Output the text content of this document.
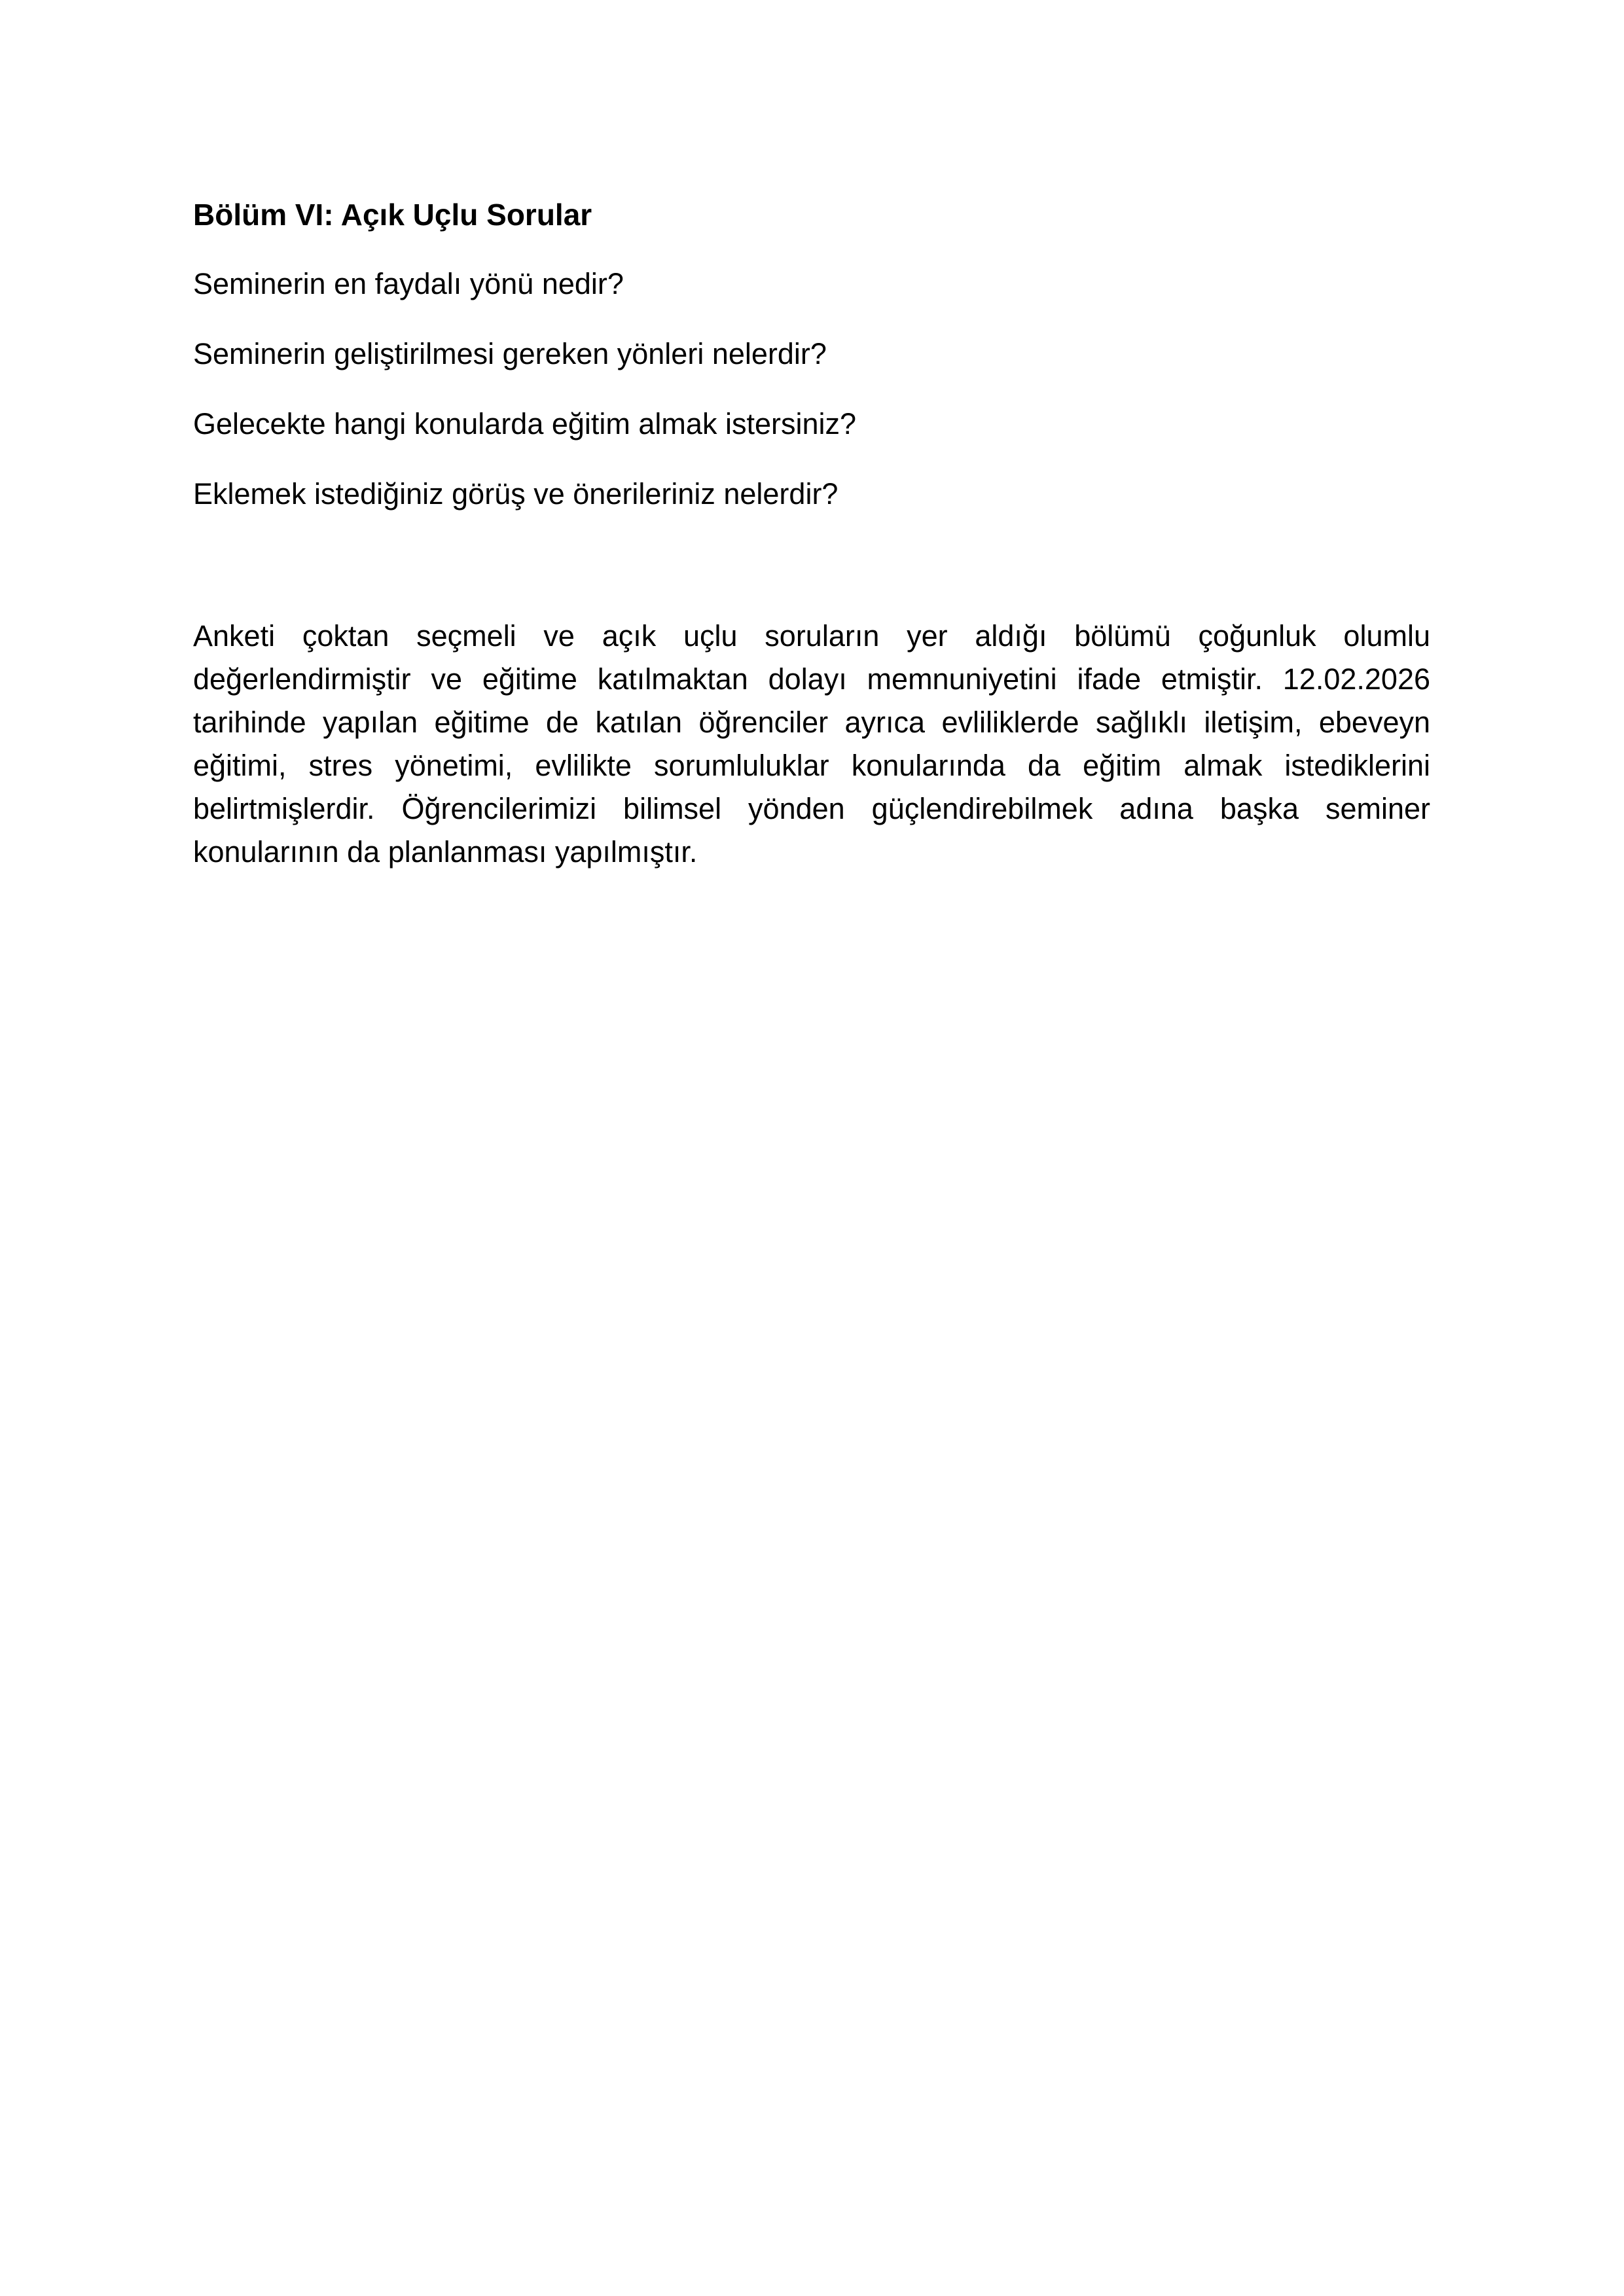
Bölüm VI: Açık Uçlu Sorular

Seminerin en faydalı yönü nedir?

Seminerin geliştirilmesi gereken yönleri nelerdir?

Gelecekte hangi konularda eğitim almak istersiniz?

Eklemek istediğiniz görüş ve önerileriniz nelerdir?

Anketi çoktan seçmeli ve açık uçlu soruların yer aldığı bölümü çoğunluk olumlu değerlendirmiştir ve eğitime katılmaktan dolayı memnuniyetini ifade etmiştir. 12.02.2026 tarihinde yapılan eğitime de katılan öğrenciler ayrıca evliliklerde sağlıklı iletişim, ebeveyn eğitimi, stres yönetimi, evlilikte sorumluluklar konularında da eğitim almak istediklerini belirtmişlerdir. Öğrencilerimizi bilimsel yönden güçlendirebilmek adına başka seminer konularının da planlanması yapılmıştır.
